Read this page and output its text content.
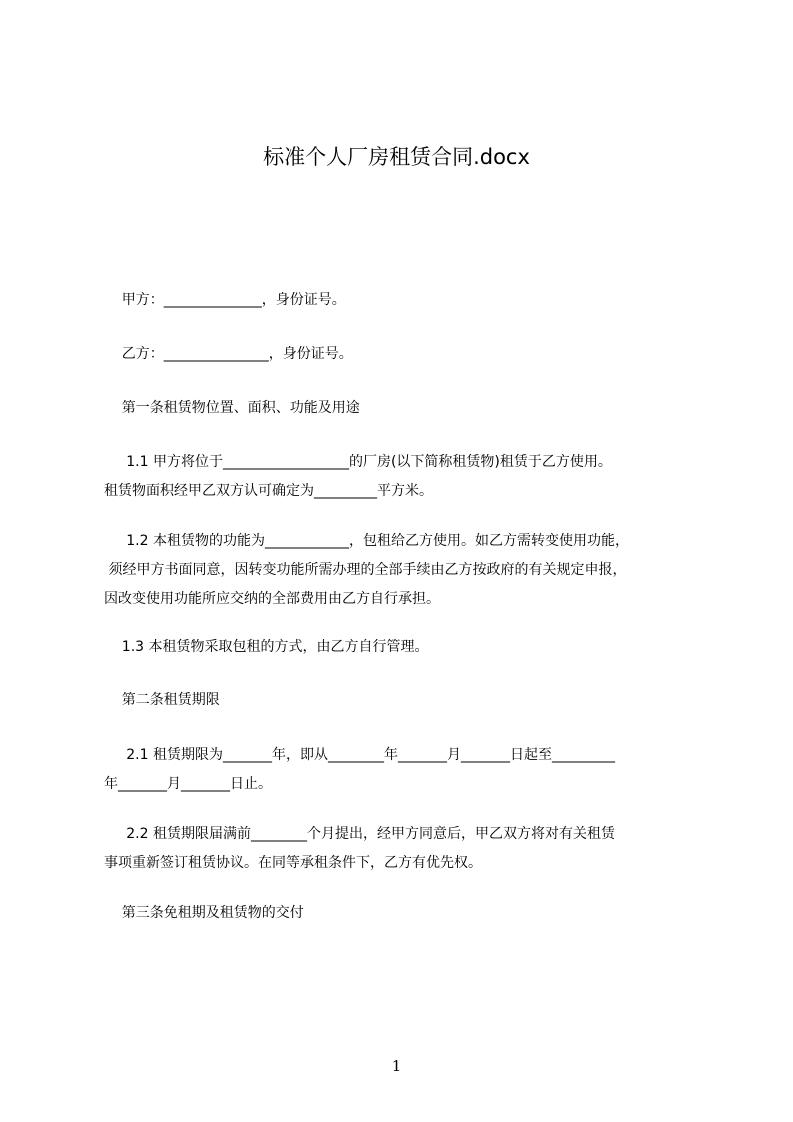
标准个人厂房租赁合同.docx
甲方：______________，身份证号。
乙方：_______________，身份证号。
第一条租赁物位置、面积、功能及用途
1.1 甲方将位于__________________的厂房(以下简称租赁物)租赁于乙方使用。
租赁物面积经甲乙双方认可确定为_________平方米。
1.2 本租赁物的功能为____________，包租给乙方使用。如乙方需转变使用功能，
须经甲方书面同意，因转变功能所需办理的全部手续由乙方按政府的有关规定申报，
因改变使用功能所应交纳的全部费用由乙方自行承担。
1.3 本租赁物采取包租的方式，由乙方自行管理。
第二条租赁期限
2.1 租赁期限为_______年，即从________年_______月_______日起至_________
年_______月_______日止。
2.2 租赁期限届满前________个月提出，经甲方同意后，甲乙双方将对有关租赁
事项重新签订租赁协议。在同等承租条件下，乙方有优先权。
第三条免租期及租赁物的交付
1
